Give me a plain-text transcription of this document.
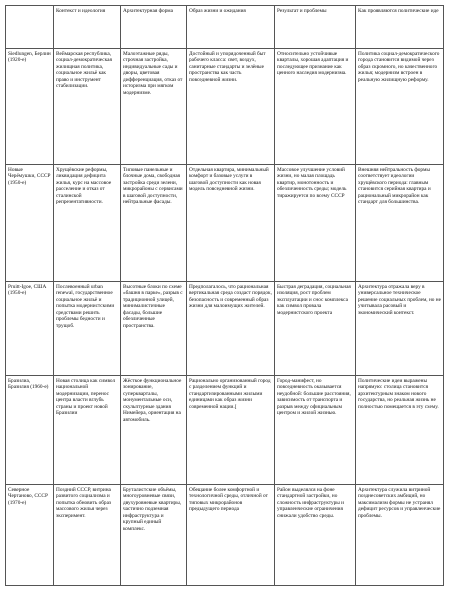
	Контекст и идеология	Архитектурная форма	Образ жизни и ожидания	Результат и проблемы	Как проявляются политические иде
Siedlungen, Берлин (1920-е)	Веймарская республика, социал-демократическая жилищная политика, социальное жильё как право и инструмент стабилизации.	Малоэтажные ряды, строчная застройка, индивидуальные сады и дворы, цветовая дифференциация, отказ от историзма при мягком модернизме.	Достойный и упорядоченный быт рабочего класса: свет, воздух, санитарные стандарты и зелёные пространства как часть повседневной жизни.	Относительно устойчивые кварталы, хорошая адаптация и последующее признание как ценного наследия модернизма.	Политика социал-демократического города становится видимой через образ скромного, но качественного жилья; модернизм встроен в реальную жилищную реформу.
Новые Черёмушки, СССР (1950-е)	Хрущёвские реформы, ликвидация дефицита жилья, курс на массовое расселение и отказ от сталинской репрезентативности.	Типовые панельные и блочные дома, свободная застройка среди зелени, микрорайоны с сервисами в шаговой доступности, нейтральные фасады.	Отдельная квартира, минимальный комфорт и базовые услуги в шаговой доступности как новая модель повседневной жизни.	Массовое улучшение условий жизни, но малая площадь квартир, монотонность и обезличенность среды; модель тиражируется по всему СССР	Внешняя нейтральность формы соответствует идеологии хрущёвского периода: главным становится серийная квартира и рациональный микрорайон как стандарт для большинства.
Pruitt-Igoe, США (1950-е)	Послевоенный urban renewal, государственное социальное жильё и попытка модернистскими средствами решить проблемы бедности и трущоб.	Высотные блоки по схеме «башня в парке», разрыв с традиционной улицей, минималистичные фасады, большие обезличенные пространства.	Предполагалось, что рациональная вертикальная среда создаст порядок, безопасность и современный образ жизни для малоимущих жителей.	Быстрая деградация, социальная изоляция, рост проблем эксплуатации и снос комплекса как символ провала модернистского проекта	Архитектура отражала веру в универсальное техническое решение социальных проблем, но не учитывала расовый и экономический контекст.
Бразилиа, Бразилия (1960-е)	Новая столица как символ национальной модернизации, перенос центра власти вглубь страны и проект новой Бразилии	Жёсткое функциональное зонирование, суперкварталы, монументальные оси, скульптурные здания Нимейера, ориентация на автомобиль.	Рационально организованный город с разделением функций и стандартизированными жилыми единицами как образ жизни современной нации.[	Город-манифест, но повседневность оказывается неудобной: большие расстояния, зависимость от транспорта и разрыв между официальным центром и жилой жизнью.	Политические идеи выражены напрямую: столица становится архитектурным знаком нового государства, но реальная жизнь не полностью помещается в эту схему.
Северное Чертаново, СССР (1970-е)	Поздний СССР, витрина развитого социализма и попытка обновить образ массового жилья через эксперимент.	Бруталистские объёмы, многоуровневые связи, двухуровневые квартиры, частично подземная инфраструктура и крупный единый комплекс.	Обещание более комфортной и технологичной среды, отличной от типовых микрорайонов предыдущего периода	Район выделялся на фоне стандартной застройки, но сложность инфраструктуры и управленческие ограничения снижали удобство среды.	Архитектура служила витриной позднесоветских амбиций, но максимализм формы не устранял дефицит ресурсов и управленческие проблемы.
